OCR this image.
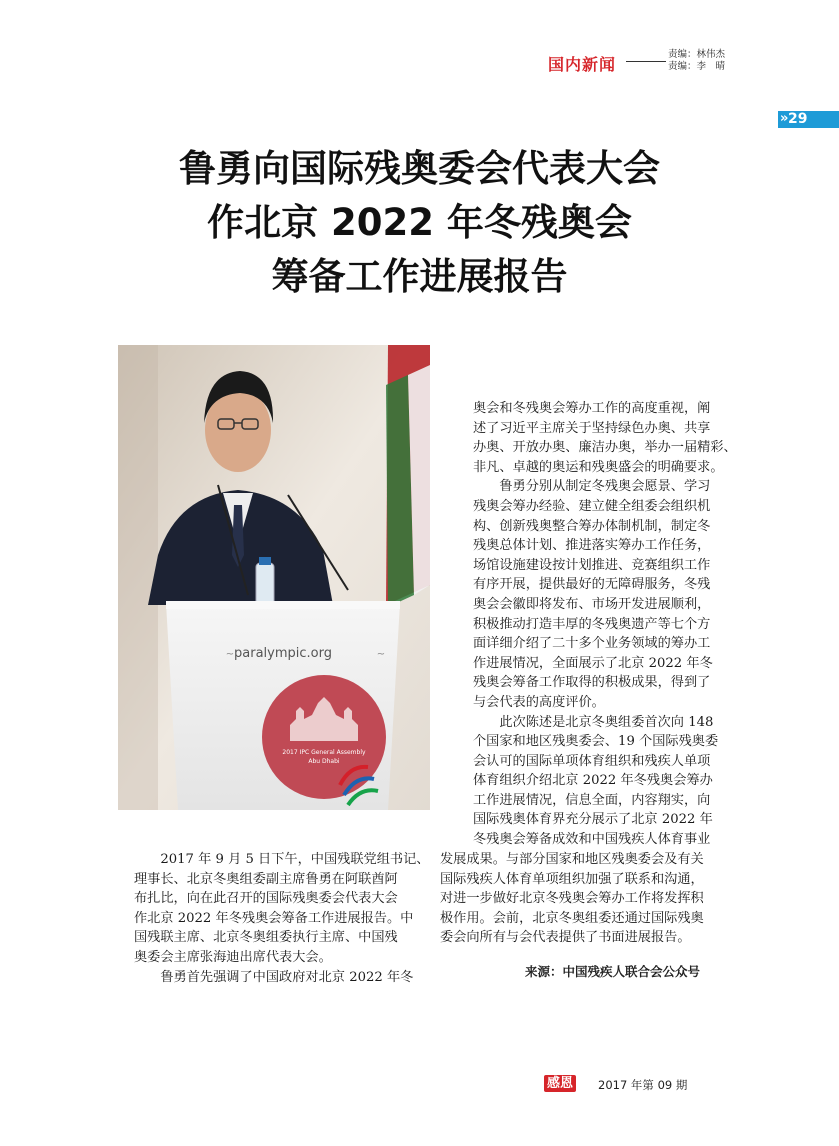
国内新闻
责编：林伟杰
责编：李　晴
» 29
鲁勇向国际残奥委会代表大会
作北京 2022 年冬残奥会
筹备工作进展报告
paralympic.org
~	~
2017 IPC General Assembly
Abu Dhabi
奥会和冬残奥会筹办工作的高度重视，阐
述了习近平主席关于坚持绿色办奥、共享
办奥、开放办奥、廉洁办奥，举办一届精彩、
非凡、卓越的奥运和残奥盛会的明确要求。
　　鲁勇分别从制定冬残奥会愿景、学习
残奥会筹办经验、建立健全组委会组织机
构、创新残奥整合筹办体制机制，制定冬
残奥总体计划、推进落实筹办工作任务，
场馆设施建设按计划推进、竞赛组织工作
有序开展，提供最好的无障碍服务，冬残
奥会会徽即将发布、市场开发进展顺利，
积极推动打造丰厚的冬残奥遗产等七个方
面详细介绍了二十多个业务领域的筹办工
作进展情况，全面展示了北京 2022 年冬
残奥会筹备工作取得的积极成果，得到了
与会代表的高度评价。
　　此次陈述是北京冬奥组委首次向 148
个国家和地区残奥委会、19 个国际残奥委
会认可的国际单项体育组织和残疾人单项
体育组织介绍北京 2022 年冬残奥会筹办
工作进展情况，信息全面，内容翔实，向
国际残奥体育界充分展示了北京 2022 年
冬残奥会筹备成效和中国残疾人体育事业
发展成果。与部分国家和地区残奥委会及有关
国际残疾人体育单项组织加强了联系和沟通，
对进一步做好北京冬残奥会筹办工作将发挥积
极作用。会前，北京冬奥组委还通过国际残奥
委会向所有与会代表提供了书面进展报告。
　　2017 年 9 月 5 日下午，中国残联党组书记、
理事长、北京冬奥组委副主席鲁勇在阿联酋阿
布扎比，向在此召开的国际残奥委会代表大会
作北京 2022 年冬残奥会筹备工作进展报告。中
国残联主席、北京冬奥组委执行主席、中国残
奥委会主席张海迪出席代表大会。
　　鲁勇首先强调了中国政府对北京 2022 年冬	来源：中国残疾人联合会公众号
感恩 2017 年第 09 期
